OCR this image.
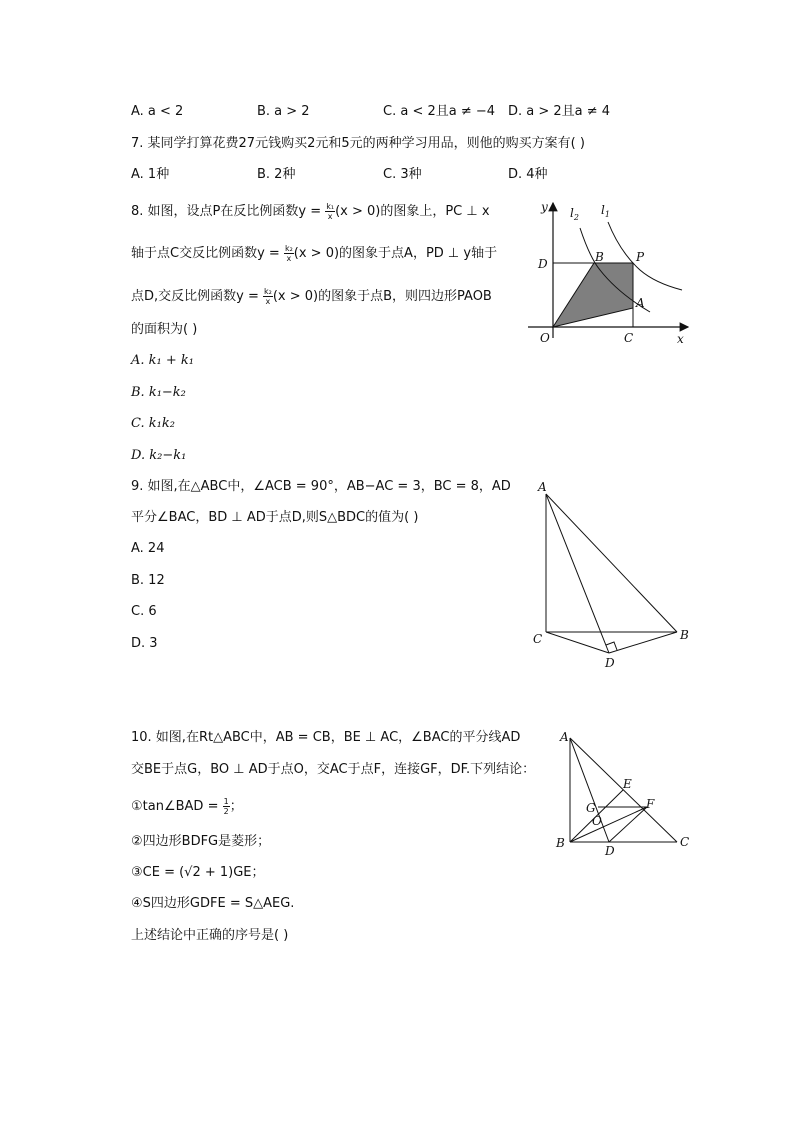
A. a < 2	B. a > 2	C. a < 2且a ≠ −4 D. a > 2且a ≠ 4
7. 某同学打算花费27元钱购买2元和5元的两种学习用品，则他的购买方案有( )
A. 1种	B. 2种	C. 3种	D. 4种
8. 如图，设点P在反比例函数$y = \frac{\text{k₁}}{x} (x > 0)$的图象上，PC ⊥ x
轴于点C交反比例函数$y = \frac{\text{k₂}}{x} (x > 0)$的图象于点A，PD ⊥ y轴于
点D,交反比例函数$y = \frac{\text{k₂}}{x} (x > 0)$的图象于点B，则四边形PAOB
的面积为( )
A. k₁ + k₁
B. k₁−k₂
C. k₁k₂
D. k₂−k₁
y
x
O	C
D	B	P
A
$l_2$
$l_1$
9. 如图,在△ABC中，∠ACB = 90°，AB−AC = 3，BC = 8，AD
平分∠BAC，BD ⊥ AD于点D,则S△BDC的值为( )
A. 24
B. 12
C. 6
D. 3
A
B
C
D
10. 如图,在Rt△ABC中，AB = CB，BE ⊥ AC，∠BAC的平分线AD
交BE于点G，BO ⊥ AD于点O，交AC于点F，连接GF，DF.下列结论：
①tan∠BAD = $\frac{1}{2}$ ；
②四边形BDFG是菱形；
③CE = (√2 + 1)GE；
④S四边形GDFE = S△AEG.
上述结论中正确的序号是( )
A
E
G	F
O
B
D
C
